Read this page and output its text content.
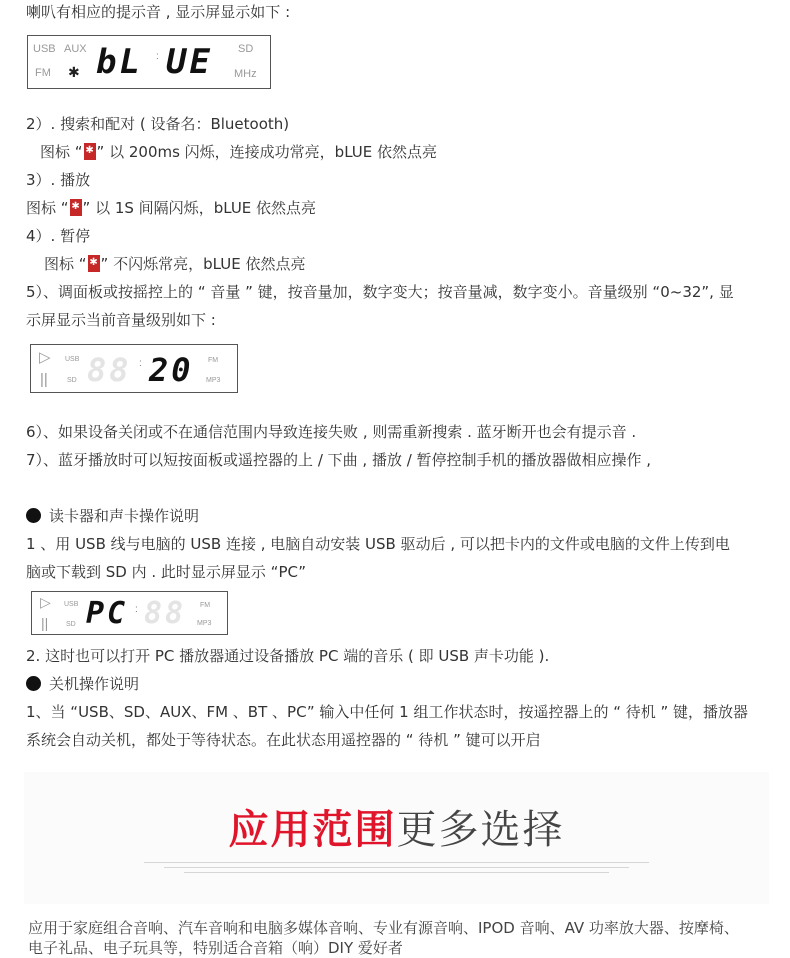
喇叭有相应的提示音 , 显示屏显示如下 :
USB AUX
FM ✱ bL : UE SD
MHz
2）. 搜索和配对 ( 设备名：Bluetooth)
图标 “ ✱ ” 以 200ms 闪烁，连接成功常亮，bLUE 依然点亮
3）. 播放
图标 “ ✱ ” 以 1S 间隔闪烁，bLUE 依然点亮
4）. 暂停
图标 “ ✱ ” 不闪烁常亮，bLUE 依然点亮
5）、调面板或按摇控上的 “ 音量 ” 键，按音量加，数字变大；按音量减，数字变小。音量级别 “0~32”, 显
示屏显示当前音量级别如下 :
▷
||
USB
SD 88 : 20 FM
MP3
6）、如果设备关闭或不在通信范围内导致连接失败 , 则需重新搜索 . 蓝牙断开也会有提示音 .
7）、蓝牙播放时可以短按面板或遥控器的上 / 下曲 , 播放 / 暂停控制手机的播放器做相应操作 ,
读卡器和声卡操作说明
1 、用 USB 线与电脑的 USB 连接 , 电脑自动安装 USB 驱动后 , 可以把卡内的文件或电脑的文件上传到电
脑或下载到 SD 内 . 此时显示屏显示 “PC”
▷
||
USB
SD PC : 88 FM
MP3
2. 这时也可以打开 PC 播放器通过设备播放 PC 端的音乐 ( 即 USB 声卡功能 ).
关机操作说明
1、当 “USB、SD、AUX、FM 、BT 、PC” 输入中任何 1 组工作状态时，按遥控器上的 “ 待机 ” 键，播放器
系统会自动关机，都处于等待状态。在此状态用遥控器的 “ 待机 ” 键可以开启
应用范围更多选择
应用于家庭组合音响、汽车音响和电脑多媒体音响、专业有源音响、IPOD 音响、AV 功率放大器、按摩椅、
电子礼品、电子玩具等，特别适合音箱（响）DIY 爱好者
